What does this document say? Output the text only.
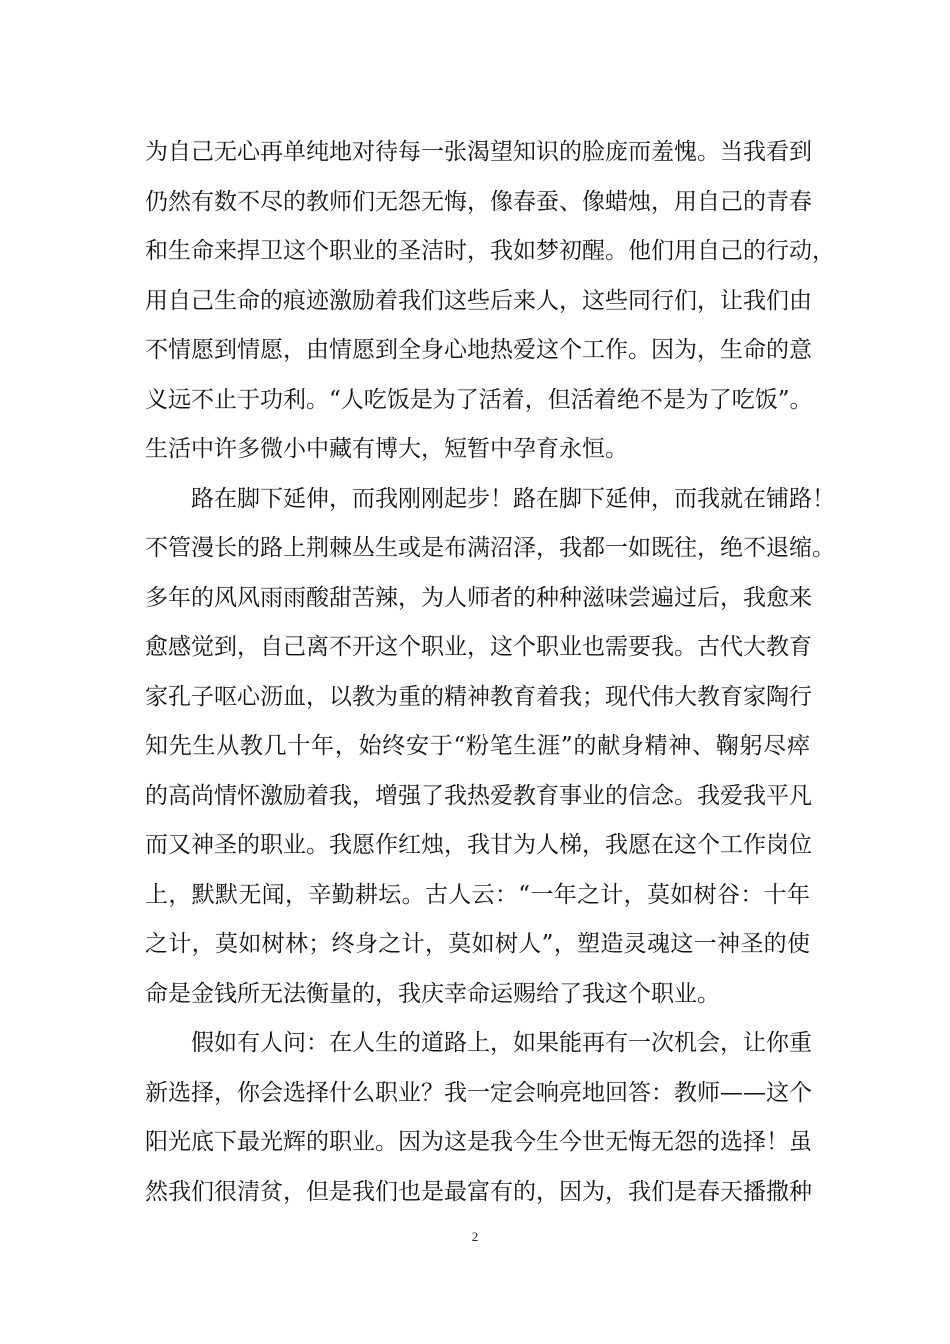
为自己无心再单纯地对待每一张渴望知识的脸庞而羞愧。当我看到
仍然有数不尽的教师们无怨无悔，像春蚕、像蜡烛，用自己的青春
和生命来捍卫这个职业的圣洁时，我如梦初醒。他们用自己的行动，
用自己生命的痕迹激励着我们这些后来人，这些同行们，让我们由
不情愿到情愿，由情愿到全身心地热爱这个工作。因为，生命的意
义远不止于功利。“人吃饭是为了活着，但活着绝不是为了吃饭”。
生活中许多微小中藏有博大，短暂中孕育永恒。
路在脚下延伸，而我刚刚起步！路在脚下延伸，而我就在铺路！
不管漫长的路上荆棘丛生或是布满沼泽，我都一如既往，绝不退缩。
多年的风风雨雨酸甜苦辣，为人师者的种种滋味尝遍过后，我愈来
愈感觉到，自己离不开这个职业，这个职业也需要我。古代大教育
家孔子呕心沥血，以教为重的精神教育着我；现代伟大教育家陶行
知先生从教几十年，始终安于“粉笔生涯”的献身精神、鞠躬尽瘁
的高尚情怀激励着我，增强了我热爱教育事业的信念。我爱我平凡
而又神圣的职业。我愿作红烛，我甘为人梯，我愿在这个工作岗位
上，默默无闻，辛勤耕坛。古人云：“一年之计，莫如树谷：十年
之计，莫如树林；终身之计，莫如树人”，塑造灵魂这一神圣的使
命是金钱所无法衡量的，我庆幸命运赐给了我这个职业。
假如有人问：在人生的道路上，如果能再有一次机会，让你重
新选择，你会选择什么职业？我一定会响亮地回答：教师——这个
阳光底下最光辉的职业。因为这是我今生今世无悔无怨的选择！虽
然我们很清贫，但是我们也是最富有的，因为，我们是春天播撒种
2
